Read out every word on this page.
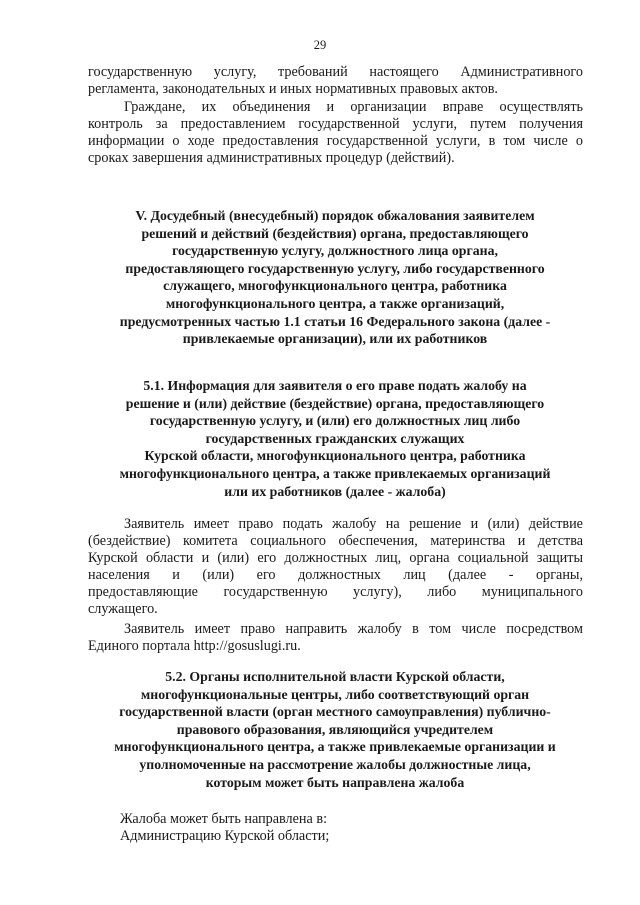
29
государственную услугу, требований настоящего Административного
регламента, законодательных и иных нормативных правовых актов.
Граждане, их объединения и организации вправе осуществлять
контроль за предоставлением государственной услуги, путем получения
информации о ходе предоставления государственной услуги, в том числе о
сроках завершения административных процедур (действий).
V. Досудебный (внесудебный) порядок обжалования заявителем
решений и действий (бездействия) органа, предоставляющего
государственную услугу, должностного лица органа,
предоставляющего государственную услугу, либо государственного
служащего, многофункционального центра, работника
многофункционального центра, а также организаций,
предусмотренных частью 1.1 статьи 16 Федерального закона (далее -
привлекаемые организации), или их работников
5.1. Информация для заявителя о его праве подать жалобу на
решение и (или) действие (бездействие) органа, предоставляющего
государственную услугу, и (или) его должностных лиц либо
государственных гражданских служащих
Курской области, многофункционального центра, работника
многофункционального центра, а также привлекаемых организаций
или их работников (далее - жалоба)
Заявитель имеет право подать жалобу на решение и (или) действие
(бездействие) комитета социального обеспечения, материнства и детства
Курской области и (или) его должностных лиц, органа социальной защиты
населения и (или) его должностных лиц (далее - органы,
предоставляющие государственную услугу), либо муниципального
служащего.
Заявитель имеет право направить жалобу в том числе посредством
Единого портала http://gosuslugi.ru.
5.2. Органы исполнительной власти Курской области,
многофункциональные центры, либо соответствующий орган
государственной власти (орган местного самоуправления) публично-
правового образования, являющийся учредителем
многофункционального центра, а также привлекаемые организации и
уполномоченные на рассмотрение жалобы должностные лица,
которым может быть направлена жалоба
Жалоба может быть направлена в:
Администрацию Курской области;
